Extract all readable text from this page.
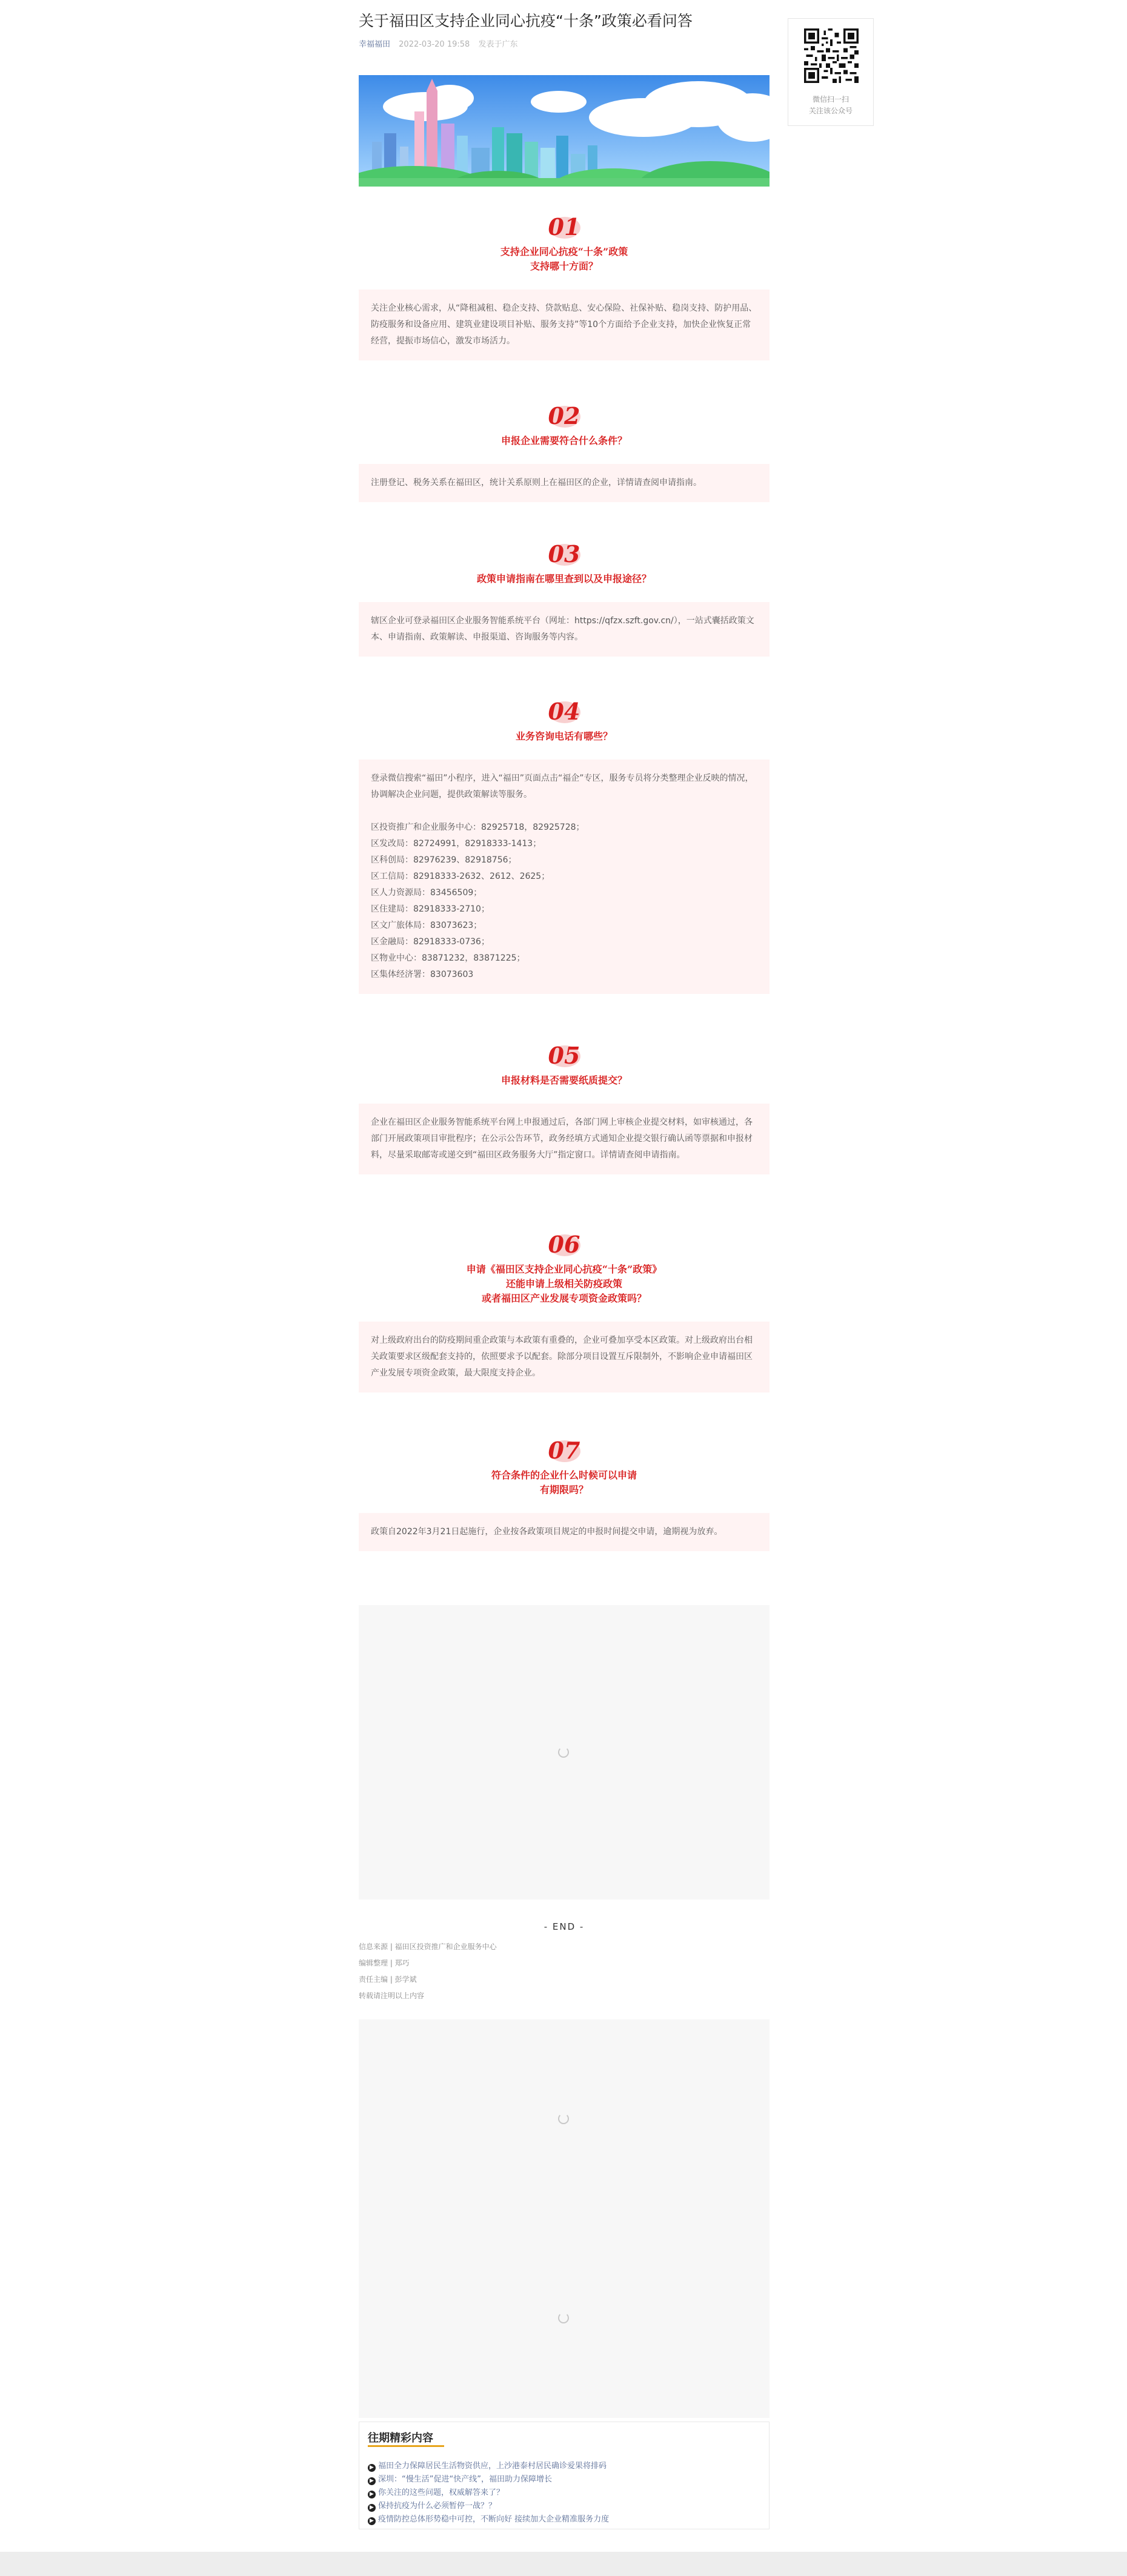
关于福田区支持企业同心抗疫“十条”政策必看问答
幸福福田 2022-03-20 19:58 发表于广东
01
支持企业同心抗疫“十条”政策
支持哪十方面？

关注企业核心需求，从“降租减租、稳企支持、贷款贴息、安心保险、社保补贴、稳岗支持、防护用品、防疫服务和设备应用、建筑业建设项目补贴、服务支持”等10个方面给予企业支持，加快企业恢复正常经营，提振市场信心，激发市场活力。

02
申报企业需要符合什么条件？

注册登记、税务关系在福田区，统计关系原则上在福田区的企业，详情请查阅申请指南。

03
政策申请指南在哪里查到以及申报途径？

辖区企业可登录福田区企业服务智能系统平台（网址：https://qfzx.szft.gov.cn/），一站式囊括政策文本、申请指南、政策解读、申报渠道、咨询服务等内容。

04
业务咨询电话有哪些？

登录微信搜索“福田”小程序，进入“福田”页面点击“福企”专区，服务专员将分类整理企业反映的情况，协调解决企业问题，提供政策解读等服务。

区投资推广和企业服务中心：82925718，82925728；

区发改局：82724991，82918333-1413；

区科创局：82976239、82918756；

区工信局：82918333-2632、2612、2625；

区人力资源局：83456509；

区住建局：82918333-2710；

区文广旅体局：83073623；

区金融局：82918333-0736；

区物业中心：83871232，83871225；

区集体经济署：83073603

05
申报材料是否需要纸质提交？

企业在福田区企业服务智能系统平台网上申报通过后，各部门网上审核企业提交材料，如审核通过，各部门开展政策项目审批程序；在公示公告环节，政务经填方式通知企业提交银行确认函等票据和申报材料，尽量采取邮寄或递交到“福田区政务服务大厅”指定窗口。详情请查阅申请指南。

06
申请《福田区支持企业同心抗疫“十条”政策》
还能申请上级相关防疫政策
或者福田区产业发展专项资金政策吗？

对上级政府出台的防疫期间重企政策与本政策有重叠的，企业可叠加享受本区政策。对上级政府出台相关政策要求区级配套支持的，依照要求予以配套。除部分项目设置互斥限制外，不影响企业申请福田区产业发展专项资金政策，最大限度支持企业。

07
符合条件的企业什么时候可以申请
有期限吗？

政策自2022年3月21日起施行，企业按各政策项目规定的申报时间提交申请，逾期视为放弃。

- END -
信息来源 | 福田区投资推广和企业服务中心
编辑整理 | 郑巧
责任主编 | 彭学斌
转载请注明以上内容
往期精彩内容
▶ 福田全力保障居民生活物资供应，上沙港泰村居民确诊爱果将排码
▶ 深圳：“慢生活”促进“快产线”，福田助力保障增长
▶ 你关注的这些问题，权威解答来了？
▶ 保持抗疫为什么必须暂停一战？？
▶ 疫情防控总体形势稳中可控，不断向好 接续加大企业精准服务力度
微信扫一扫
关注该公众号
